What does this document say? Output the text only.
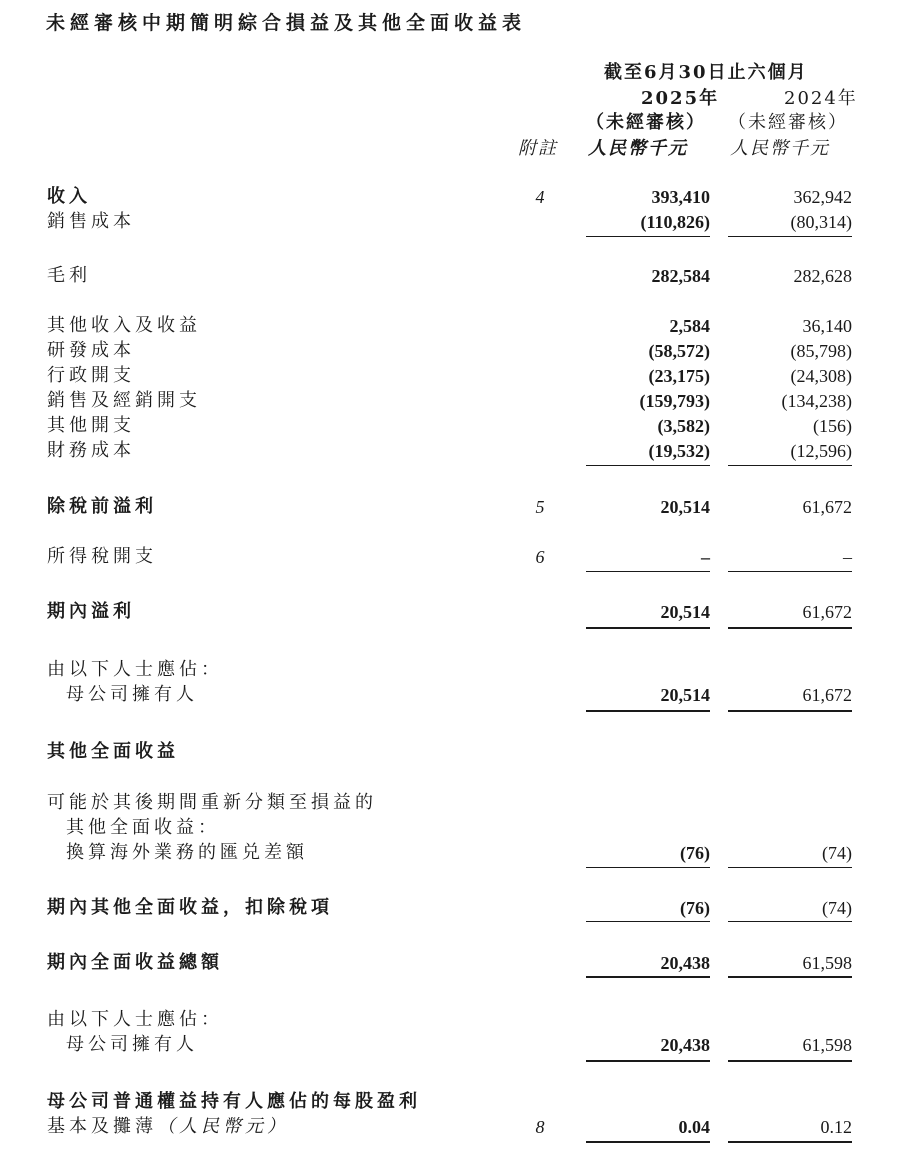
未經審核中期簡明綜合損益及其他全面收益表
截至6月30日止六個月
2025年	2024年
（未經審核） （未經審核）
附註 人民幣千元 人民幣千元
收入	4	393,410	362,942
銷售成本	(110,826)	(80,314)
毛利	282,584	282,628
其他收入及收益	2,584	36,140
研發成本	(58,572)	(85,798)
行政開支	(23,175)	(24,308)
銷售及經銷開支	(159,793)	(134,238)
其他開支	(3,582)	(156)
財務成本	(19,532)	(12,596)
除稅前溢利	5	20,514	61,672
所得稅開支	6	–	–
期內溢利	20,514	61,672
由以下人士應佔：
母公司擁有人	20,514	61,672
其他全面收益
可能於其後期間重新分類至損益的
其他全面收益：
換算海外業務的匯兑差額	(76)	(74)
期內其他全面收益，扣除稅項	(76)	(74)
期內全面收益總額	20,438	61,598
由以下人士應佔：
母公司擁有人	20,438	61,598
母公司普通權益持有人應佔的每股盈利
基本及攤薄（人民幣元）	8	0.04	0.12
